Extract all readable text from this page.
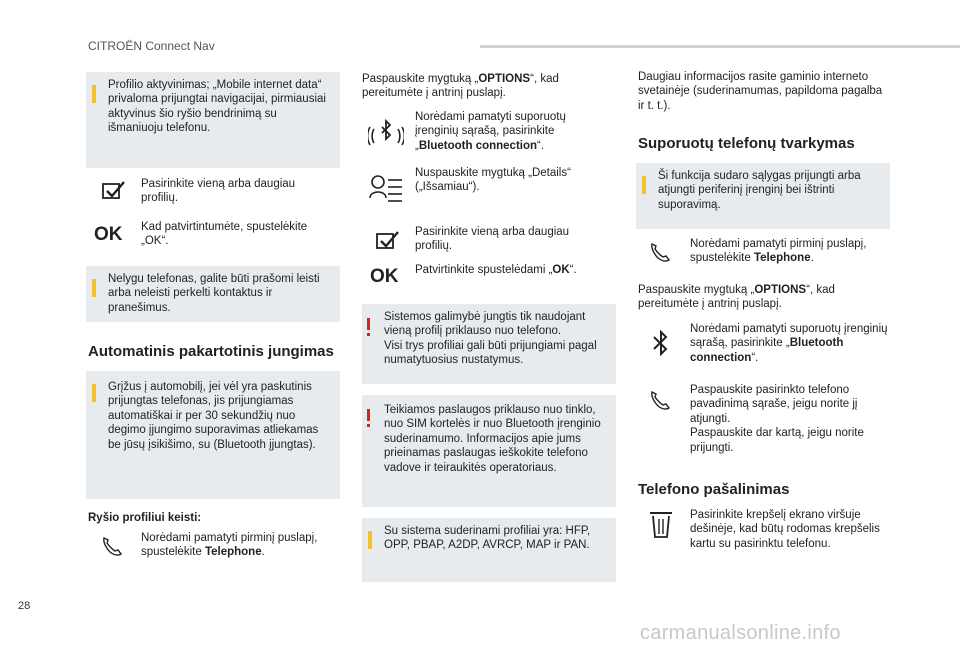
CITROËN Connect Nav
Profilio aktyvinimas; „Mobile internet data“ privaloma prijungtai navigacijai, pirmiausiai aktyvinus šio ryšio bendrinimą su išmaniuoju telefonu.
Pasirinkite vieną arba daugiau profilių.
OK Kad patvirtintumėte, spustelėkite „OK“.
Nelygu telefonas, galite būti prašomi leisti arba neleisti perkelti kontaktus ir pranešimus.
Automatinis pakartotinis jungimas
Grįžus į automobilį, jei vėl yra paskutinis prijungtas telefonas, jis prijungiamas automatiškai ir per 30 sekundžių nuo degimo įjungimo suporavimas atliekamas be jūsų įsikišimo, su (Bluetooth įjungtas).
Ryšio profiliui keisti:
Norėdami pamatyti pirminį puslapį, spustelėkite Telephone.
Paspauskite mygtuką „OPTIONS“, kad pereitumėte į antrinį puslapį.
Norėdami pamatyti suporuotų įrenginių sąrašą, pasirinkite „Bluetooth connection“.
Nuspauskite mygtuką „Details“ („Išsamiau“).
Pasirinkite vieną arba daugiau profilių.
OK Patvirtinkite spustelėdami „OK“.
Sistemos galimybė jungtis tik naudojant vieną profilį priklauso nuo telefono.
Visi trys profiliai gali būti prijungiami pagal numatytuosius nustatymus.
Teikiamos paslaugos priklauso nuo tinklo, nuo SIM kortelės ir nuo Bluetooth įrenginio suderinamumo. Informacijos apie jums prieinamas paslaugas ieškokite telefono vadove ir teiraukitės operatoriaus.
Su sistema suderinami profiliai yra: HFP, OPP, PBAP, A2DP, AVRCP, MAP ir PAN.
Daugiau informacijos rasite gaminio interneto svetainėje (suderinamumas, papildoma pagalba ir t. t.).
Suporuotų telefonų tvarkymas
Ši funkcija sudaro sąlygas prijungti arba atjungti periferinį įrenginį bei ištrinti suporavimą.
Norėdami pamatyti pirminį puslapį, spustelėkite Telephone.
Paspauskite mygtuką „OPTIONS“, kad pereitumėte į antrinį puslapį.
Norėdami pamatyti suporuotų įrenginių sąrašą, pasirinkite „Bluetooth connection“.
Paspauskite pasirinkto telefono pavadinimą sąraše, jeigu norite jį atjungti.
Paspauskite dar kartą, jeigu norite prijungti.
Telefono pašalinimas
Pasirinkite krepšelį ekrano viršuje dešinėje, kad būtų rodomas krepšelis kartu su pasirinktu telefonu.
28
carmanualsonline.info
